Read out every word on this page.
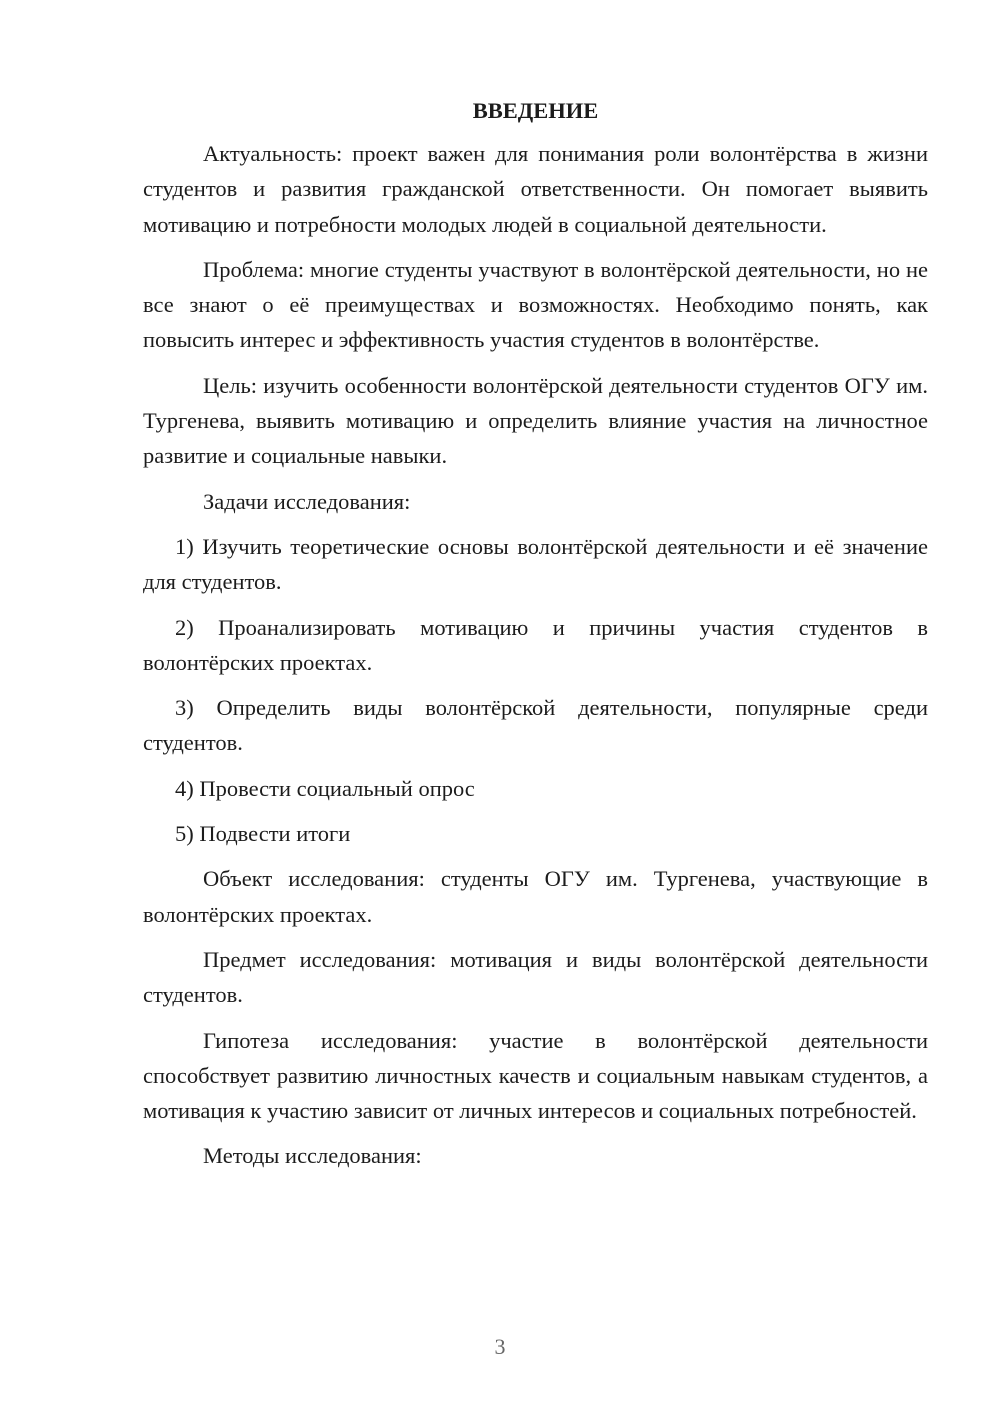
ВВЕДЕНИЕ

Актуальность: проект важен для понимания роли волонтёрства в жизни студентов и развития гражданской ответственности. Он помогает выявить мотивацию и потребности молодых людей в социальной деятельности.

Проблема: многие студенты участвуют в волонтёрской деятельности, но не все знают о её преимуществах и возможностях. Необходимо понять, как повысить интерес и эффективность участия студентов в волонтёрстве.

Цель: изучить особенности волонтёрской деятельности студентов ОГУ им. Тургенева, выявить мотивацию и определить влияние участия на личностное развитие и социальные навыки.

Задачи исследования:

1) Изучить теоретические основы волонтёрской деятельности и её значение для студентов.

2) Проанализировать мотивацию и причины участия студентов в волонтёрских проектах.

3) Определить виды волонтёрской деятельности, популярные среди студентов.

4) Провести социальный опрос

5) Подвести итоги

Объект исследования: студенты ОГУ им. Тургенева, участвующие в волонтёрских проектах.

Предмет исследования: мотивация и виды волонтёрской деятельности студентов.

Гипотеза исследования: участие в волонтёрской деятельности способствует развитию личностных качеств и социальным навыкам студентов, а мотивация к участию зависит от личных интересов и социальных потребностей.

Методы исследования:

3
